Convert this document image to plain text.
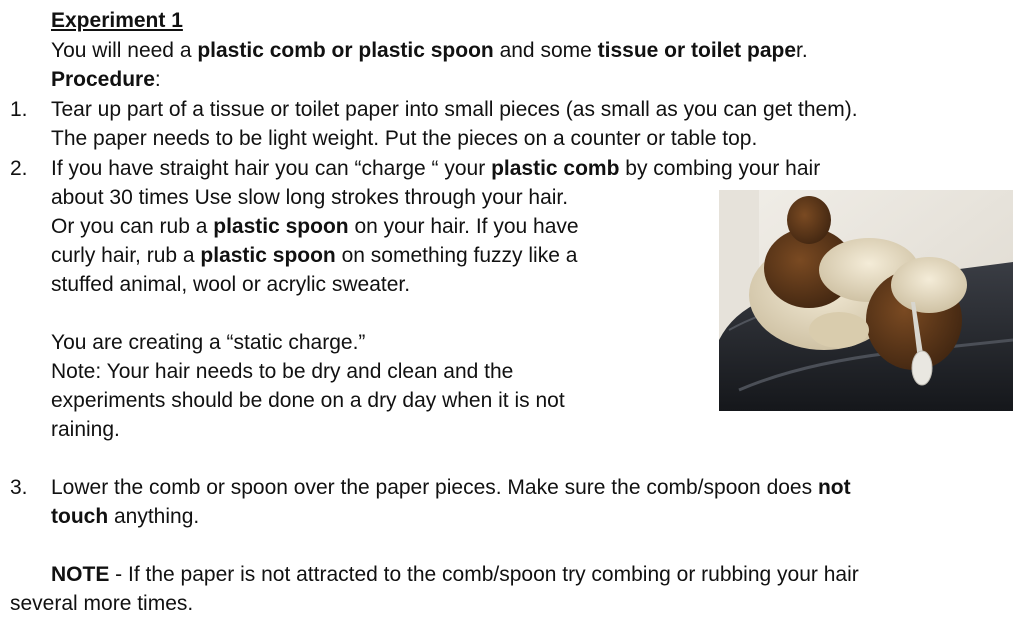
Experiment 1
You will need a plastic comb or plastic spoon and some tissue or toilet paper.
Procedure:
1. Tear up part of a tissue or toilet paper into small pieces (as small as you can get them).
The paper needs to be light weight. Put the pieces on a counter or table top.
2. If you have straight hair you can “charge “ your plastic comb by combing your hair
about 30 times Use slow long strokes through your hair.
Or you can rub a plastic spoon on your hair. If you have
curly hair, rub a plastic spoon on something fuzzy like a
stuffed animal, wool or acrylic sweater.
You are creating a “static charge.”
Note: Your hair needs to be dry and clean and the
experiments should be done on a dry day when it is not
raining.
3. Lower the comb or spoon over the paper pieces. Make sure the comb/spoon does not
touch anything.
NOTE - If the paper is not attracted to the comb/spoon try combing or rubbing your hair
several more times.
